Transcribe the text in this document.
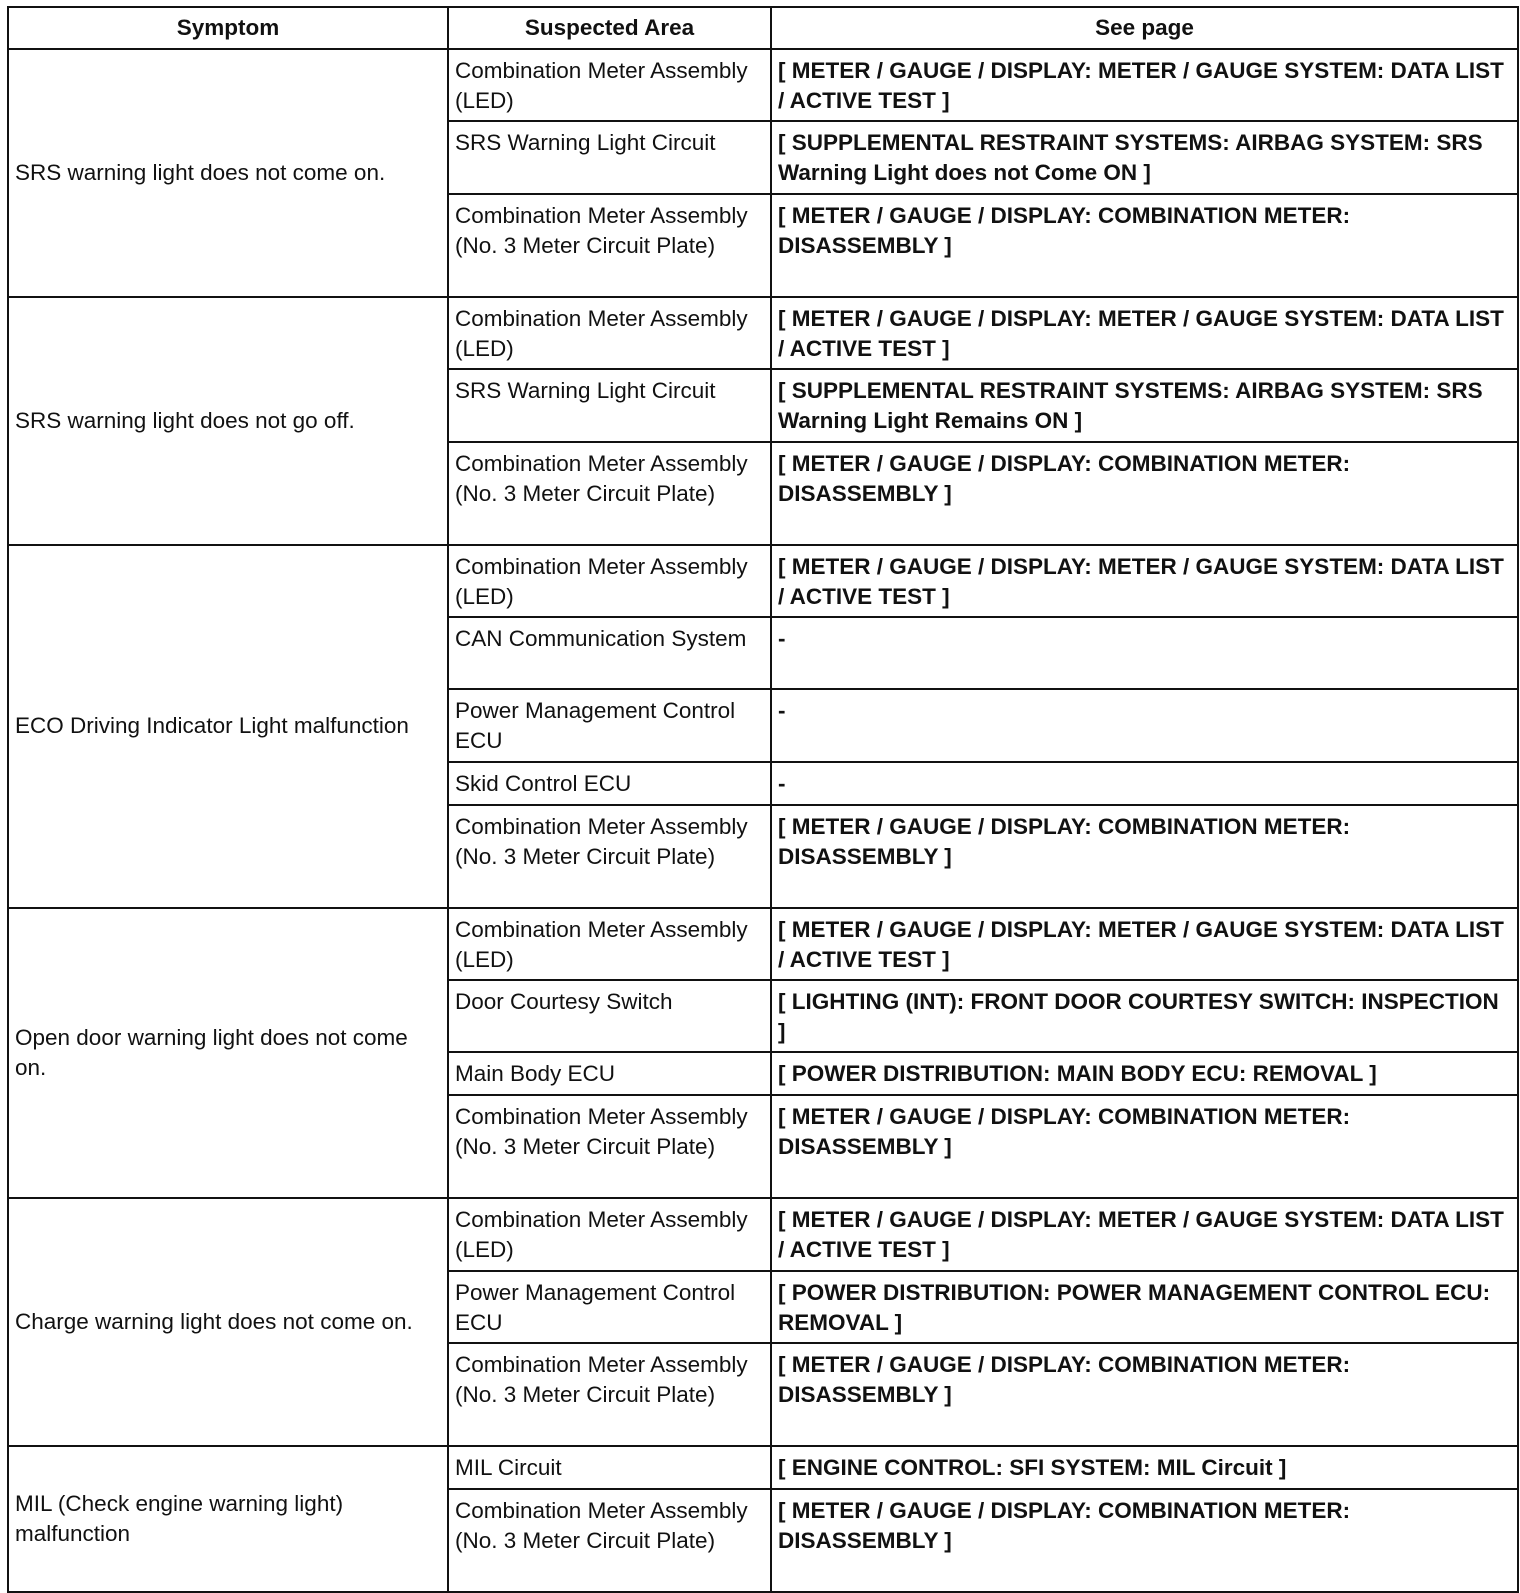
Symptom	Suspected Area	See page
SRS warning light does not come on.	Combination Meter Assembly (LED)	[ METER / GAUGE / DISPLAY: METER / GAUGE SYSTEM: DATA LIST / ACTIVE TEST ]
	SRS Warning Light Circuit	[ SUPPLEMENTAL RESTRAINT SYSTEMS: AIRBAG SYSTEM: SRS Warning Light does not Come ON ]
	Combination Meter Assembly (No. 3 Meter Circuit Plate)	[ METER / GAUGE / DISPLAY: COMBINATION METER: DISASSEMBLY ]
SRS warning light does not go off.	Combination Meter Assembly (LED)	[ METER / GAUGE / DISPLAY: METER / GAUGE SYSTEM: DATA LIST / ACTIVE TEST ]
	SRS Warning Light Circuit	[ SUPPLEMENTAL RESTRAINT SYSTEMS: AIRBAG SYSTEM: SRS Warning Light Remains ON ]
	Combination Meter Assembly (No. 3 Meter Circuit Plate)	[ METER / GAUGE / DISPLAY: COMBINATION METER: DISASSEMBLY ]
ECO Driving Indicator Light malfunction	Combination Meter Assembly (LED)	[ METER / GAUGE / DISPLAY: METER / GAUGE SYSTEM: DATA LIST / ACTIVE TEST ]
	CAN Communication System	-
	Power Management Control ECU	-
	Skid Control ECU	-
	Combination Meter Assembly (No. 3 Meter Circuit Plate)	[ METER / GAUGE / DISPLAY: COMBINATION METER: DISASSEMBLY ]
Open door warning light does not come on.	Combination Meter Assembly (LED)	[ METER / GAUGE / DISPLAY: METER / GAUGE SYSTEM: DATA LIST / ACTIVE TEST ]
	Door Courtesy Switch	[ LIGHTING (INT): FRONT DOOR COURTESY SWITCH: INSPECTION ]
	Main Body ECU	[ POWER DISTRIBUTION: MAIN BODY ECU: REMOVAL ]
	Combination Meter Assembly (No. 3 Meter Circuit Plate)	[ METER / GAUGE / DISPLAY: COMBINATION METER: DISASSEMBLY ]
Charge warning light does not come on.	Combination Meter Assembly (LED)	[ METER / GAUGE / DISPLAY: METER / GAUGE SYSTEM: DATA LIST / ACTIVE TEST ]
	Power Management Control ECU	[ POWER DISTRIBUTION: POWER MANAGEMENT CONTROL ECU: REMOVAL ]
	Combination Meter Assembly (No. 3 Meter Circuit Plate)	[ METER / GAUGE / DISPLAY: COMBINATION METER: DISASSEMBLY ]
MIL (Check engine warning light) malfunction	MIL Circuit	[ ENGINE CONTROL: SFI SYSTEM: MIL Circuit ]
	Combination Meter Assembly (No. 3 Meter Circuit Plate)	[ METER / GAUGE / DISPLAY: COMBINATION METER: DISASSEMBLY ]
